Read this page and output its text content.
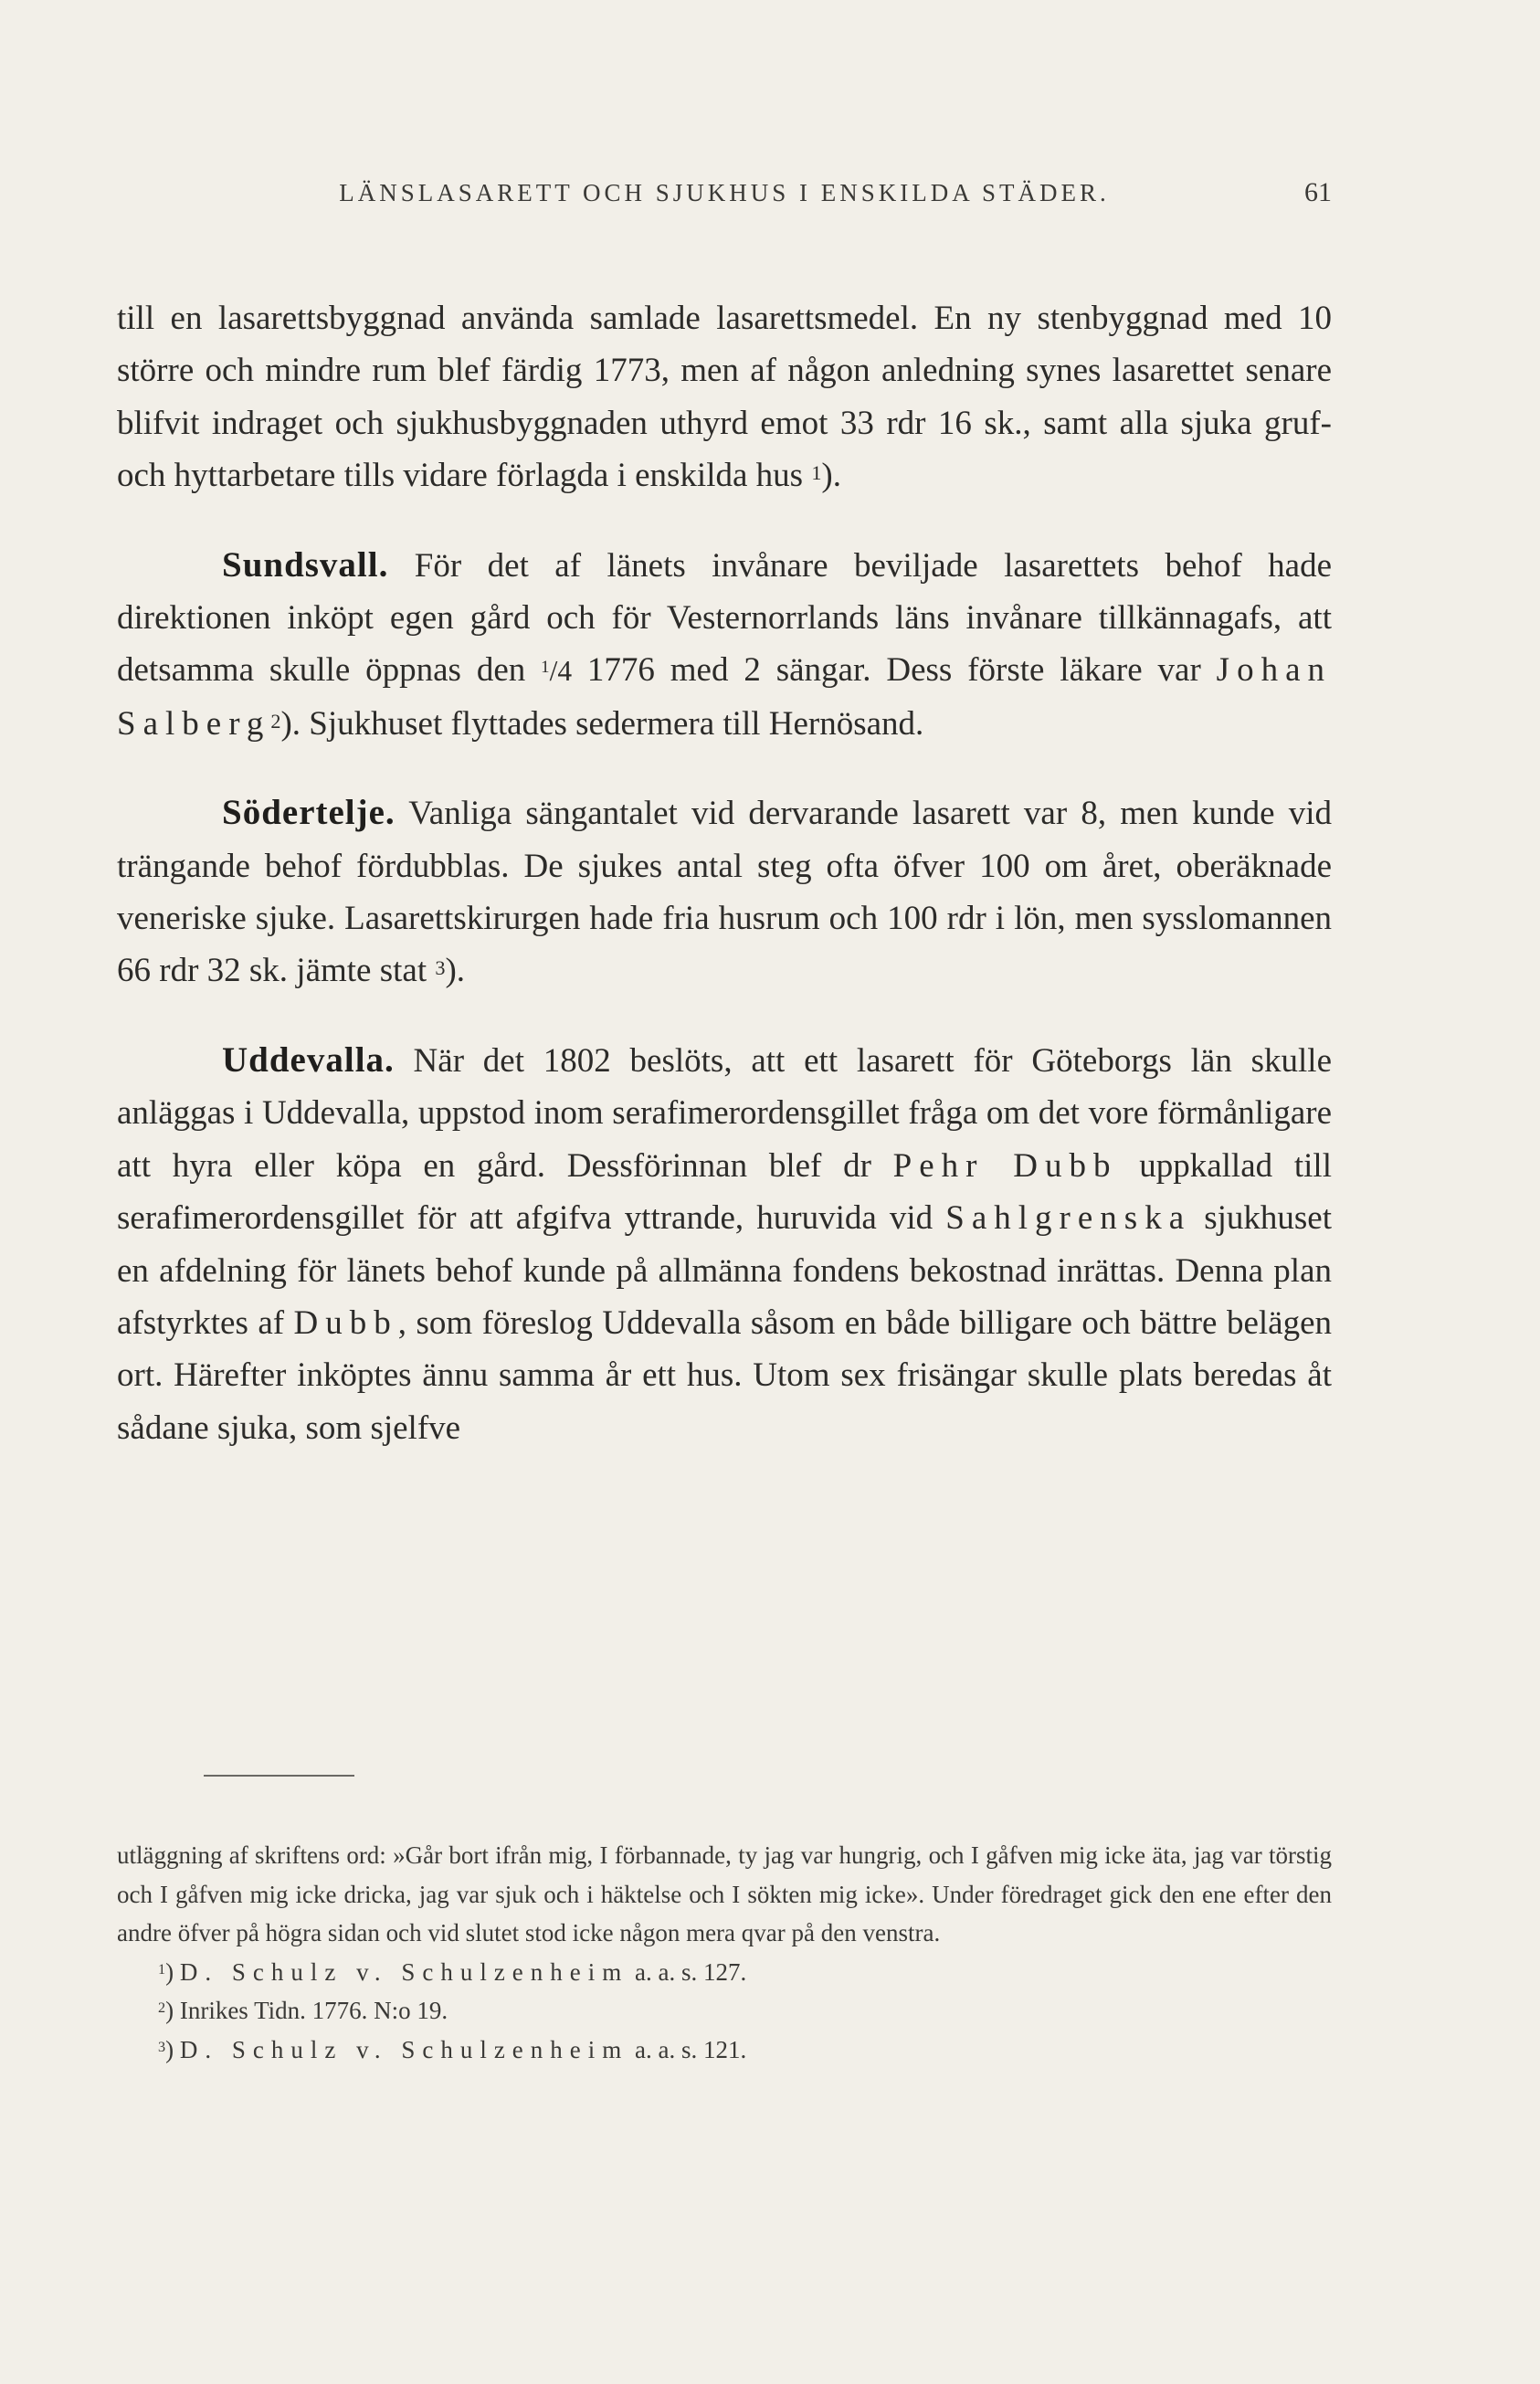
LÄNSLASARETT OCH SJUKHUS I ENSKILDA STÄDER.	61

till en lasarettsbyggnad använda samlade lasarettsmedel. En ny stenbyggnad med 10 större och mindre rum blef färdig 1773, men af någon anledning synes lasarettet senare blifvit indraget och sjukhusbyggnaden uthyrd emot 33 rdr 16 sk., samt alla sjuka gruf- och hyttarbetare tills vidare förlagda i enskilda hus $^1$).

Sundsvall. För det af länets invånare beviljade lasarettets behof hade direktionen inköpt egen gård och för Vesternorrlands läns invånare tillkännagafs, att detsamma skulle öppnas den $^1$/4 1776 med 2 sängar. Dess förste läkare var Johan Salberg$^2$). Sjukhuset flyttades sedermera till Hernösand.

Södertelje. Vanliga sängantalet vid dervarande lasarett var 8, men kunde vid trängande behof fördubblas. De sjukes antal steg ofta öfver 100 om året, oberäknade veneriske sjuke. Lasarettskirurgen hade fria husrum och 100 rdr i lön, men sysslomannen 66 rdr 32 sk. jämte stat $^3$).

Uddevalla. När det 1802 beslöts, att ett lasarett för Göteborgs län skulle anläggas i Uddevalla, uppstod inom serafimerordensgillet fråga om det vore förmånligare att hyra eller köpa en gård. Dessförinnan blef dr Pehr Dubb uppkallad till serafimerordensgillet för att afgifva yttrande, huruvida vid Sahlgrenska sjukhuset en afdelning för länets behof kunde på allmänna fondens bekostnad inrättas. Denna plan afstyrktes af Dubb, som föreslog Uddevalla såsom en både billigare och bättre belägen ort. Härefter inköptes ännu samma år ett hus. Utom sex frisängar skulle plats beredas åt sådane sjuka, som sjelfve

utläggning af skriftens ord: »Går bort ifrån mig, I förbannade, ty jag var hungrig, och I gåfven mig icke äta, jag var törstig och I gåfven mig icke dricka, jag var sjuk och i häktelse och I sökten mig icke». Under föredraget gick den ene efter den andre öfver på högra sidan och vid slutet stod icke någon mera qvar på den venstra.

$^1$) D. Schulz v. Schulzenheim a. a. s. 127.

$^2$) Inrikes Tidn. 1776. N:o 19.

$^3$) D. Schulz v. Schulzenheim a. a. s. 121.
